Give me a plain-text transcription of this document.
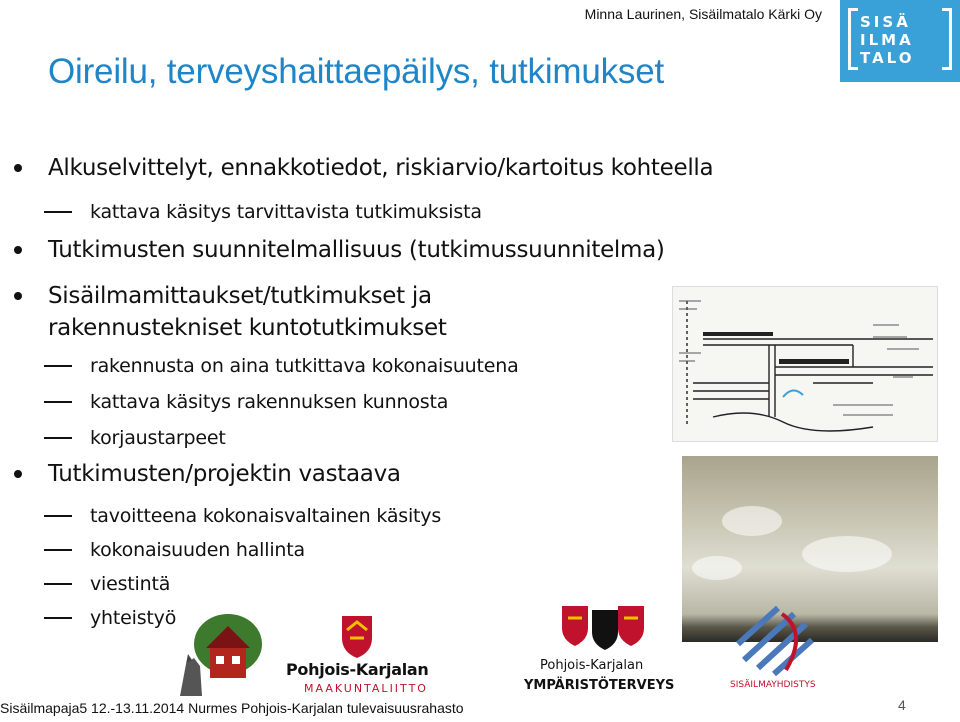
Minna Laurinen, Sisäilmatalo Kärki Oy	SISÄ
ILMA
TALO
Oireilu, terveyshaittaepäilys, tutkimukset
Alkuselvittelyt, ennakkotiedot, riskiarvio/kartoitus kohteella
kattava käsitys tarvittavista tutkimuksista
Tutkimusten suunnitelmallisuus (tutkimussuunnitelma)
Sisäilmamittaukset/tutkimukset ja
rakennustekniset kuntotutkimukset
rakennusta on aina tutkittava kokonaisuutena
kattava käsitys rakennuksen kunnosta
korjaustarpeet
Tutkimusten/projektin vastaava
tavoitteena kokonaisvaltainen käsitys
kokonaisuuden hallinta
viestintä
yhteistyö
Pohjois-Karjalan
MAAKUNTALIITTO
Pohjois-Karjalan
YMPÄRISTÖTERVEYS	SISÄILMAYHDISTYS
Sisäilmapaja5 12.-13.11.2014 Nurmes Pohjois-Karjalan tulevaisuusrahasto	4
